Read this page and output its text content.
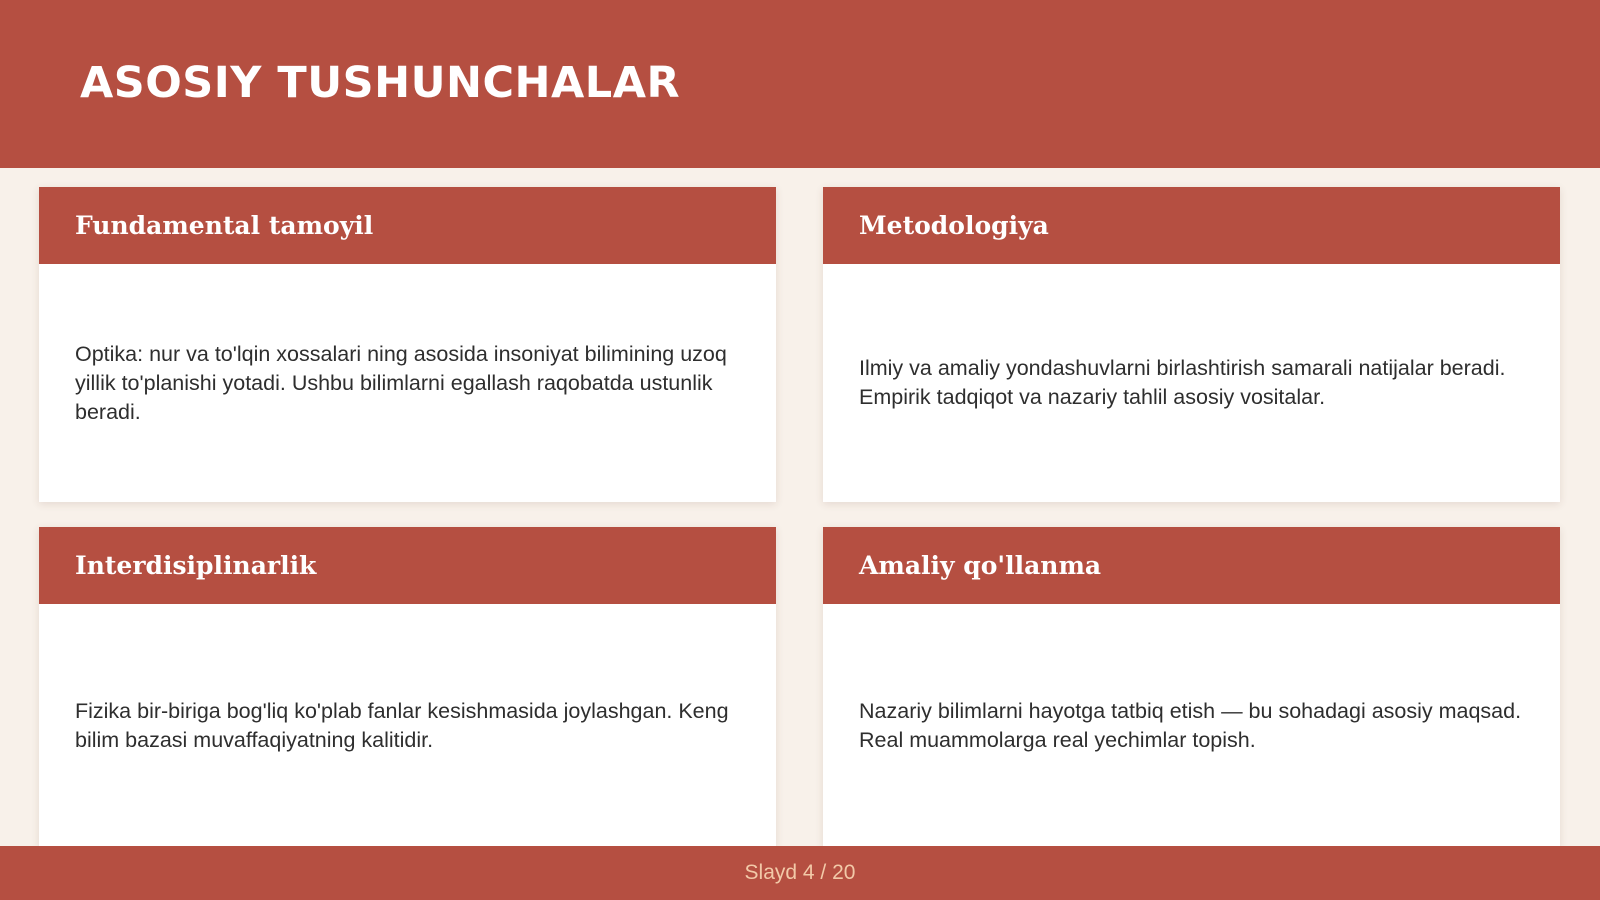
ASOSIY TUSHUNCHALAR
Fundamental tamoyil

Optika: nur va to'lqin xossalari ning asosida insoniyat bilimining uzoq yillik to'planishi yotadi. Ushbu bilimlarni egallash raqobatda ustunlik beradi.

Metodologiya

Ilmiy va amaliy yondashuvlarni birlashtirish samarali natijalar beradi. Empirik tadqiqot va nazariy tahlil asosiy vositalar.

Interdisiplinarlik

Fizika bir-biriga bog'liq ko'plab fanlar kesishmasida joylashgan. Keng bilim bazasi muvaffaqiyatning kalitidir.

Amaliy qo'llanma

Nazariy bilimlarni hayotga tatbiq etish — bu sohadagi asosiy maqsad. Real muammolarga real yechimlar topish.

Slayd 4 / 20
